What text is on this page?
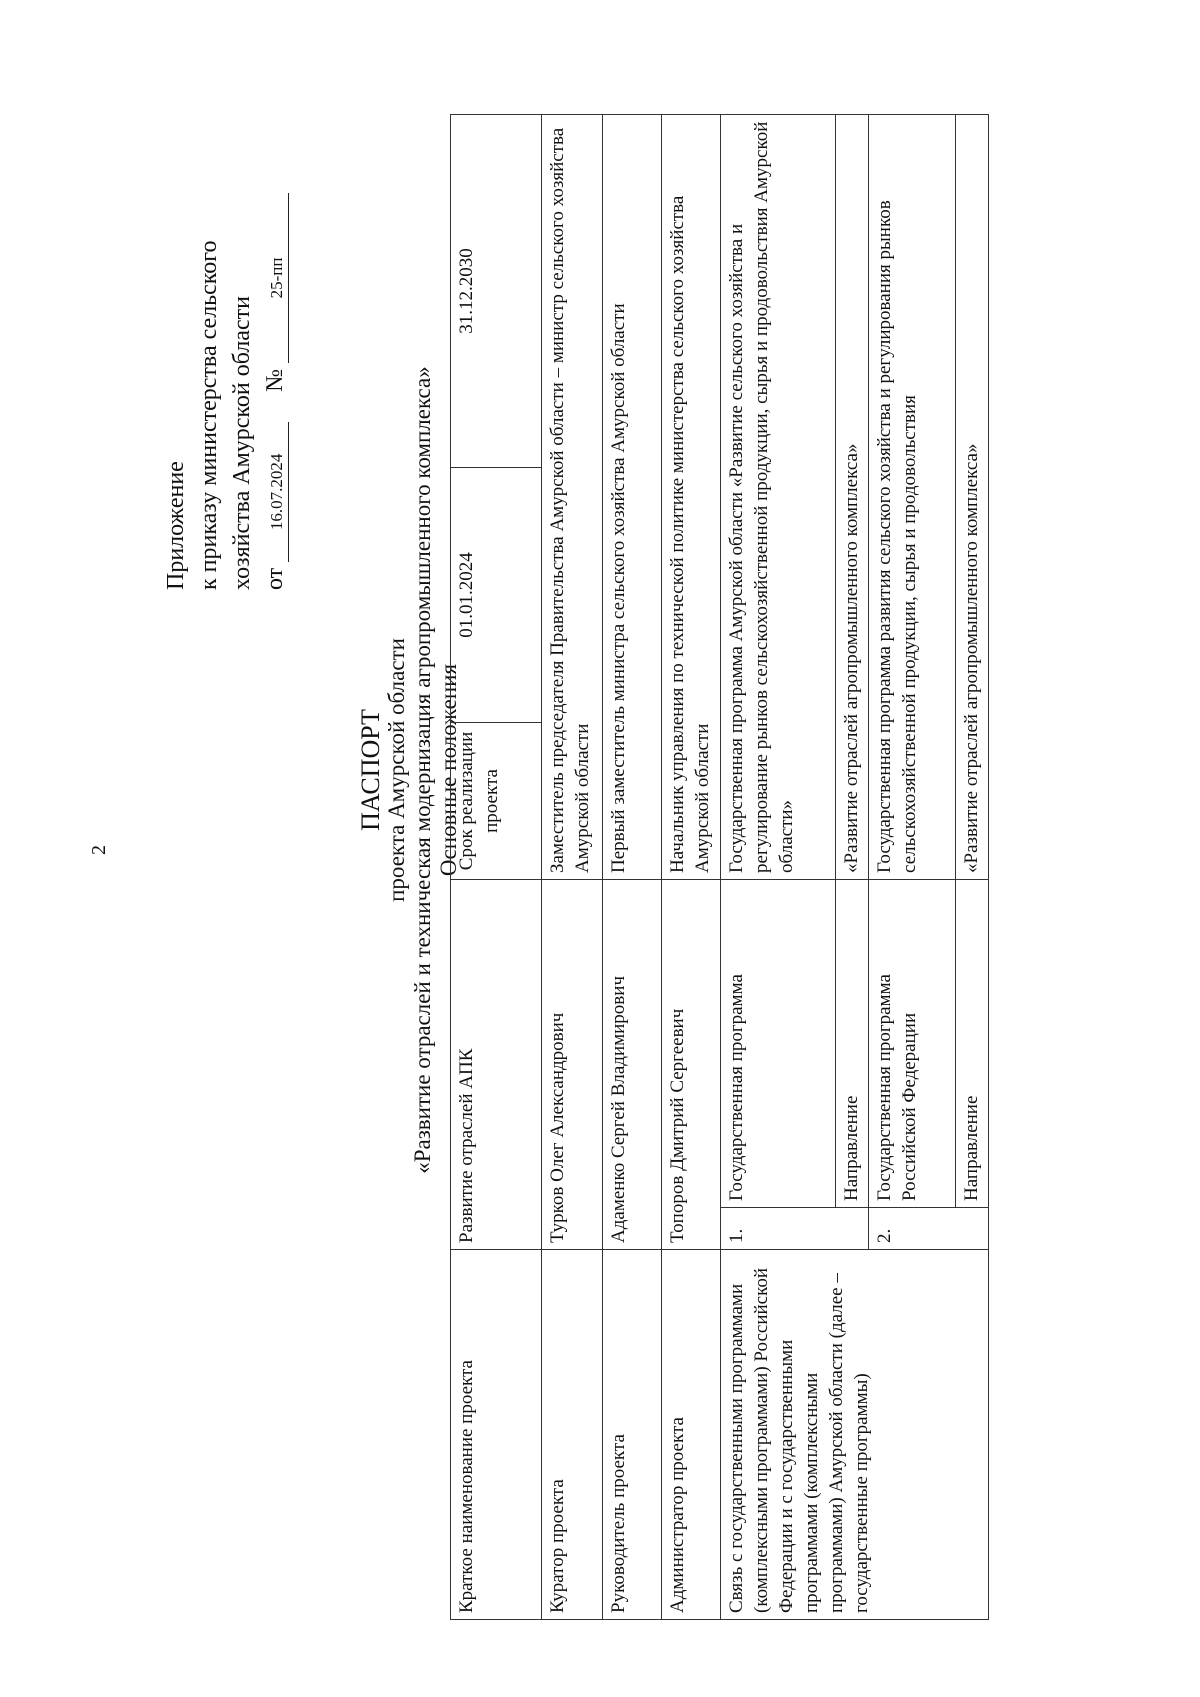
2
Приложение к приказу министерства сельского хозяйства Амурской области от 16.07.2024  № 25-пп
ПАСПОРТ проекта Амурской области «Развитие отраслей и техническая модернизация агропромышленного комплекса» Основные положения
Краткое наименование проекта	Развитие отраслей АПК		Срок реализации проекта	01.01.2024	31.12.2030
Куратор проекта	Турков Олег Александрович		Заместитель председателя Правительства Амурской области – министр сельского хозяйства Амурской области		
Руководитель проекта	Адаменко Сергей Владимирович		Первый заместитель министра сельского хозяйства Амурской области		
Администратор проекта	Топоров Дмитрий Сергеевич		Начальник управления по технической политике министерства сельского хозяйства Амурской области		
Связь с государственными программами (комплексными программами) Российской Федерации и с государственными программами (комплексными программами) Амурской области (далее – государственные программы)	1.	Государственная программа	Государственная программа Амурской области «Развитие сельского хозяйства и регулирование рынков сельскохозяйственной продукции, сырья и продовольствия Амурской области»		
		Направление	«Развитие отраслей агропромышленного комплекса»		
	2.	Государственная программа Российской Федерации	Государственная программа развития сельского хозяйства и регулирования рынков сельскохозяйственной продукции, сырья и продовольствия		
		Направление	«Развитие отраслей агропромышленного комплекса»		
